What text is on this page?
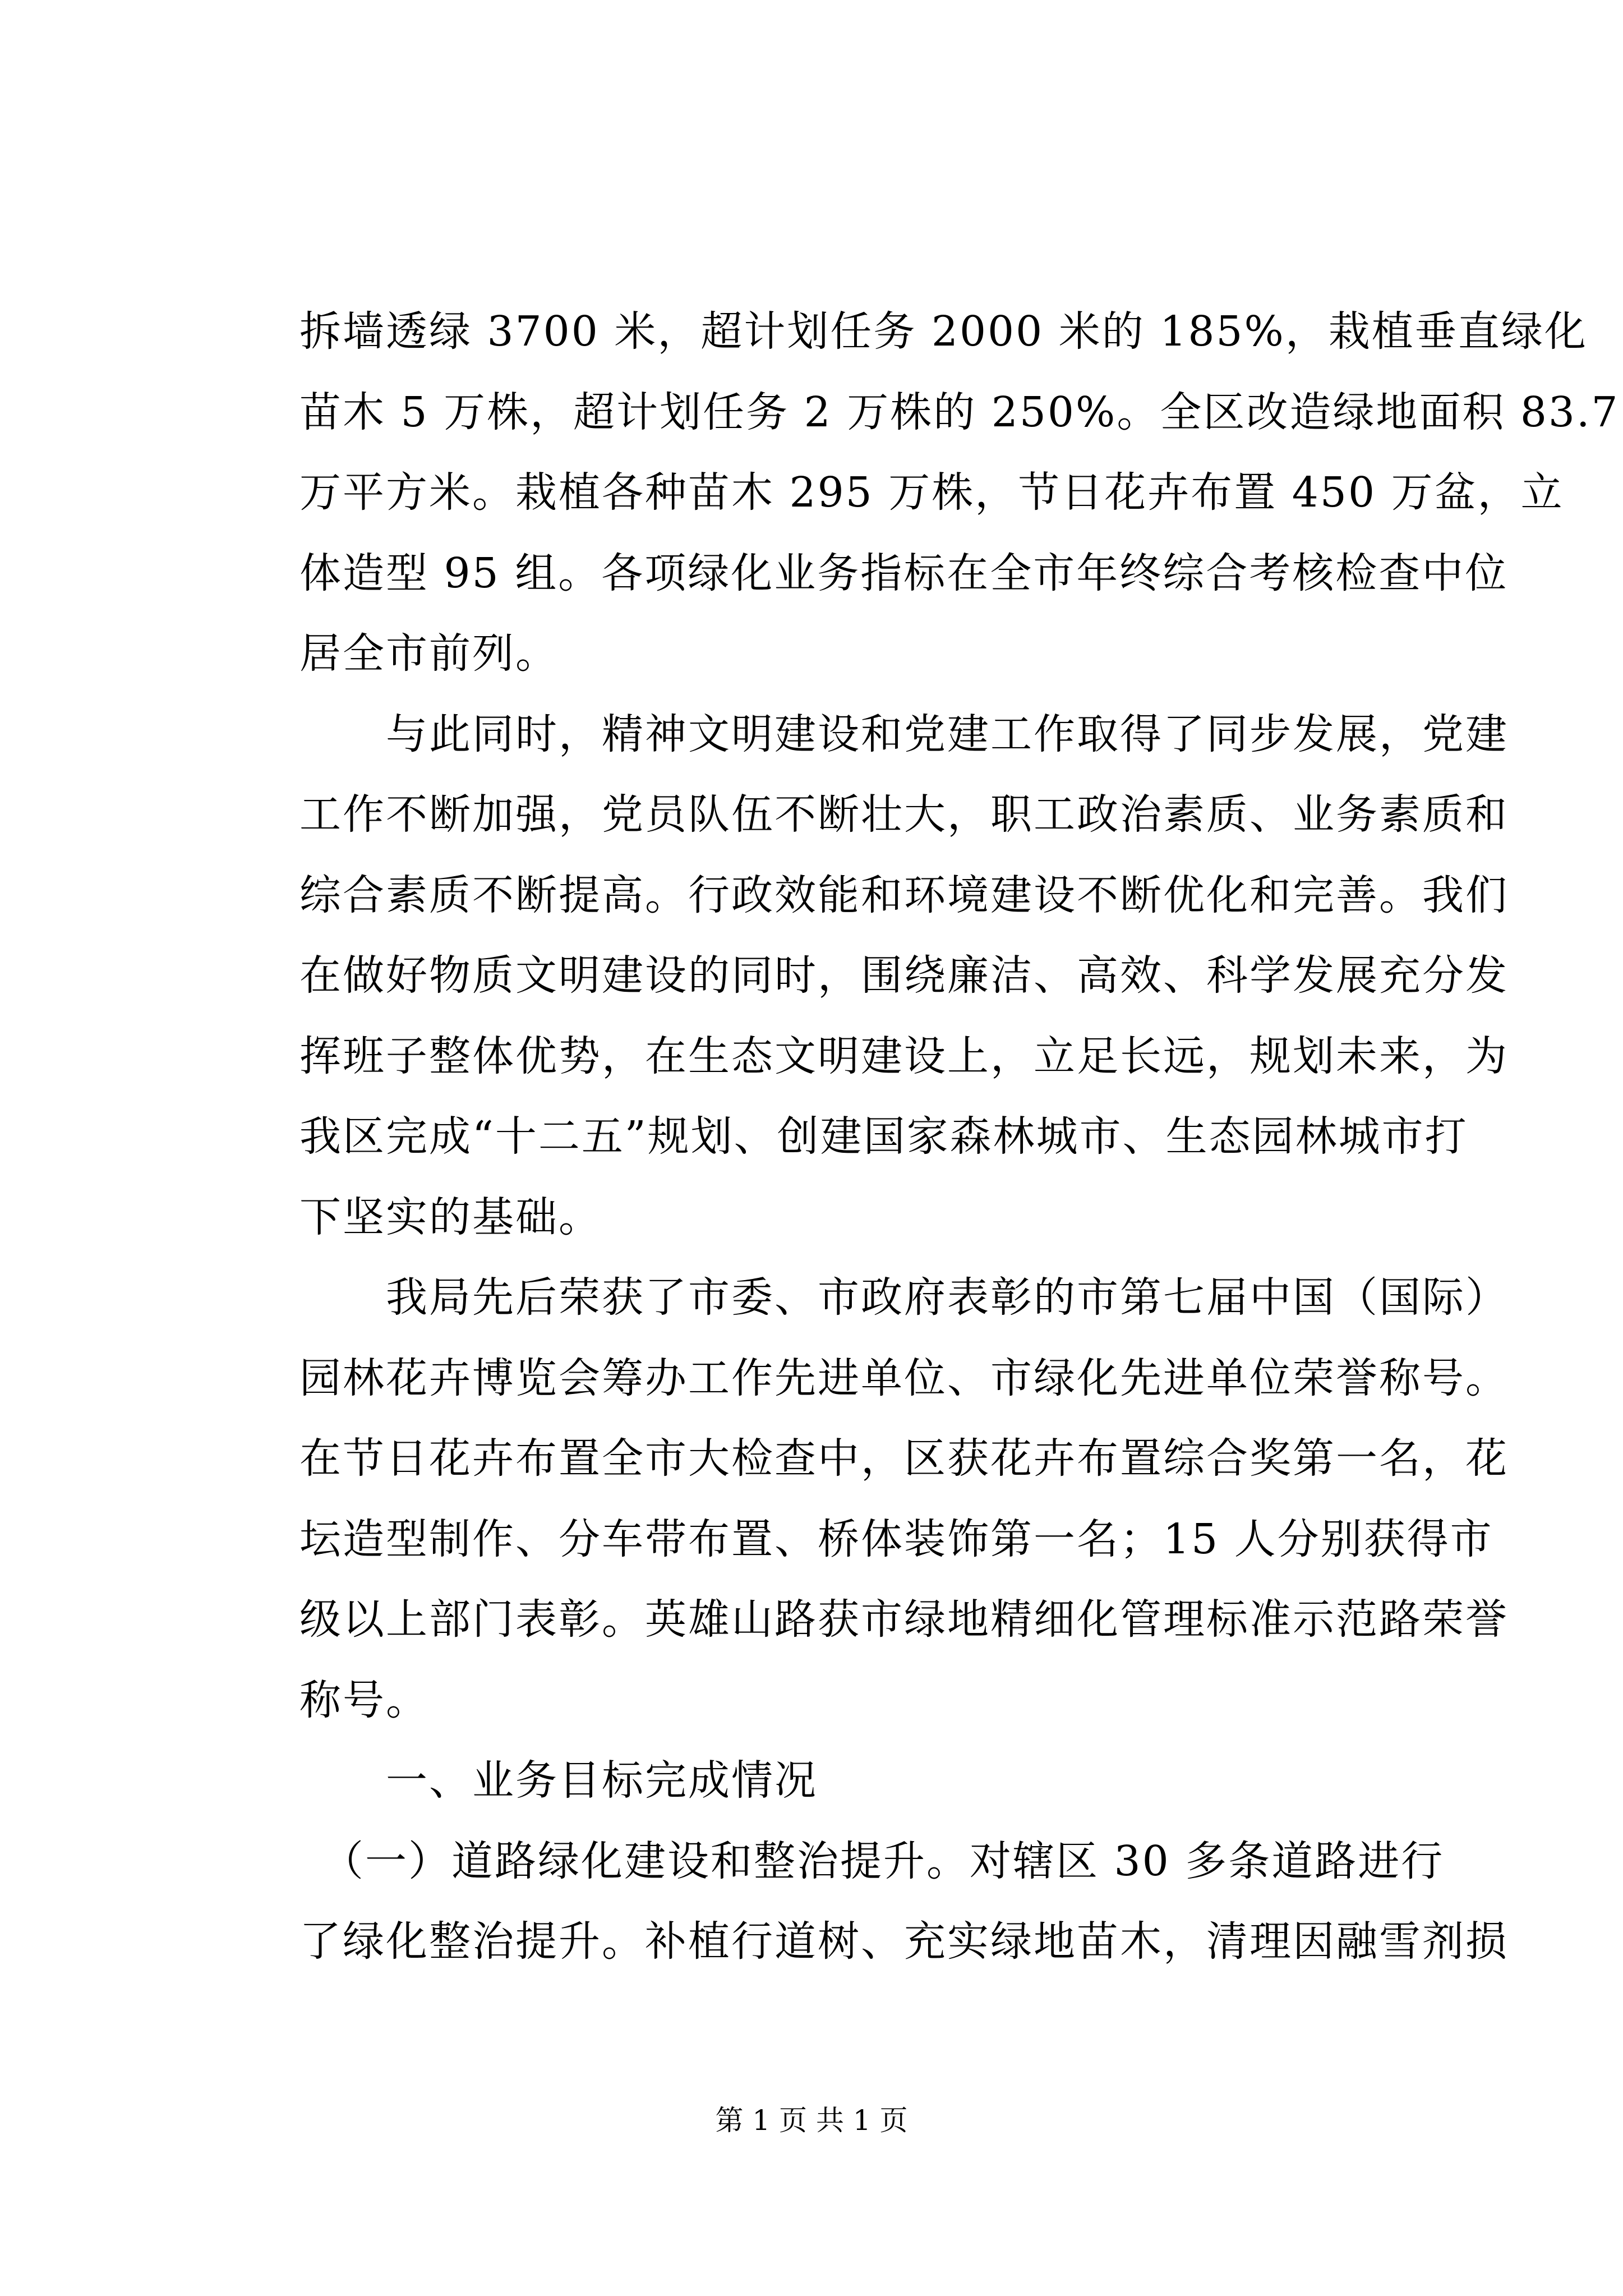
拆墙透绿 3700 米，超计划任务 2000 米的 185%，栽植垂直绿化
苗木 5 万株，超计划任务 2 万株的 250%。全区改造绿地面积 83.7
万平方米。栽植各种苗木 295 万株，节日花卉布置 450 万盆，立
体造型 95 组。各项绿化业务指标在全市年终综合考核检查中位
居全市前列。
　　与此同时，精神文明建设和党建工作取得了同步发展，党建
工作不断加强，党员队伍不断壮大，职工政治素质、业务素质和
综合素质不断提高。行政效能和环境建设不断优化和完善。我们
在做好物质文明建设的同时，围绕廉洁、高效、科学发展充分发
挥班子整体优势，在生态文明建设上，立足长远，规划未来，为
我区完成“十二五”规划、创建国家森林城市、生态园林城市打
下坚实的基础。
　　我局先后荣获了市委、市政府表彰的市第七届中国（国际）
园林花卉博览会筹办工作先进单位、市绿化先进单位荣誉称号。
在节日花卉布置全市大检查中，区获花卉布置综合奖第一名，花
坛造型制作、分车带布置、桥体装饰第一名；15 人分别获得市
级以上部门表彰。英雄山路获市绿地精细化管理标准示范路荣誉
称号。
　　一、业务目标完成情况
　（一）道路绿化建设和整治提升。对辖区 30 多条道路进行
了绿化整治提升。补植行道树、充实绿地苗木，清理因融雪剂损
第 1 页 共 1 页
